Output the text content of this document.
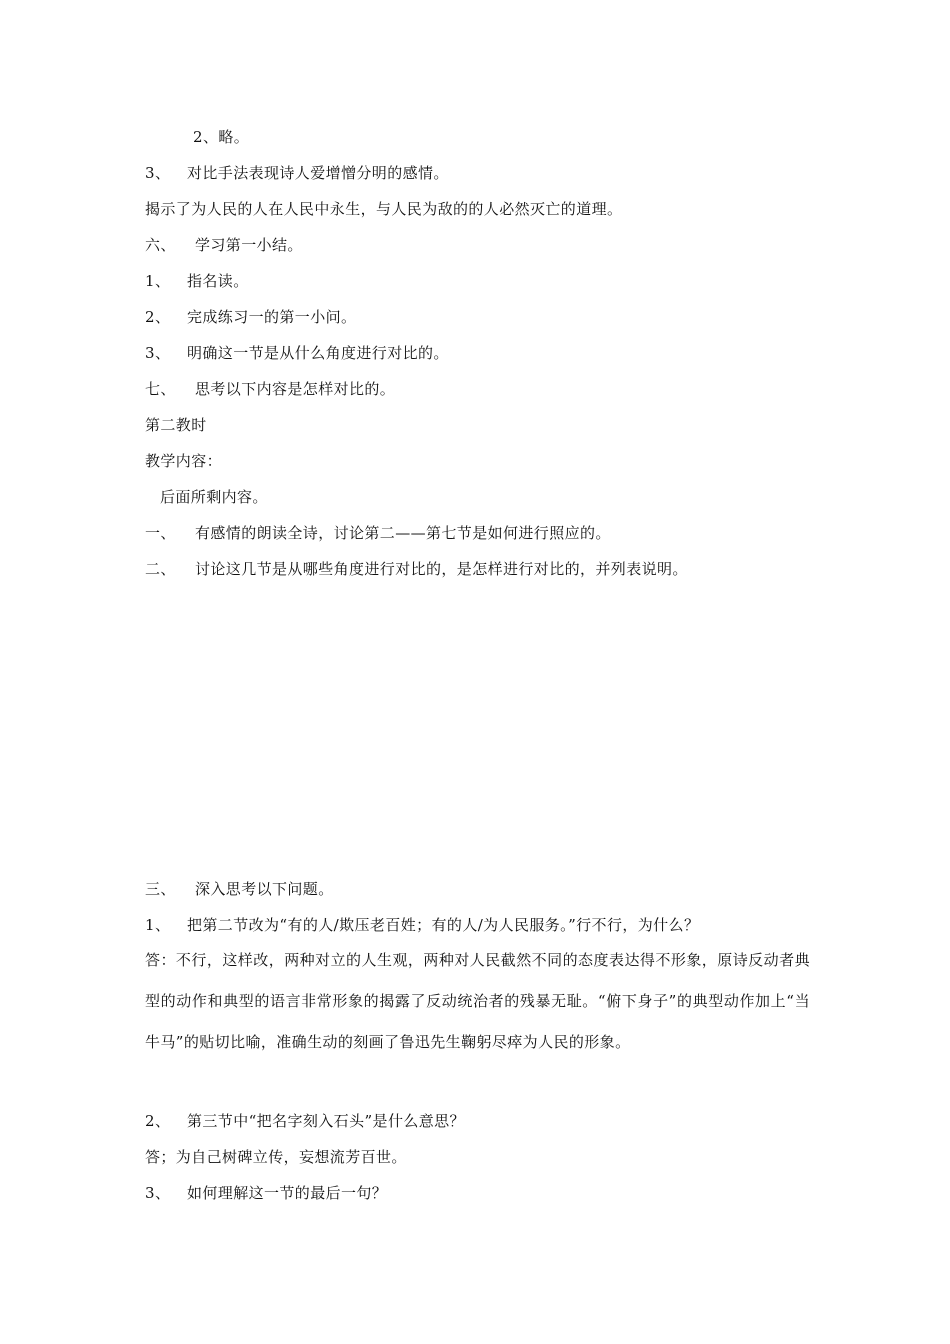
2、略。
3、 对比手法表现诗人爱增憎分明的感情。
揭示了为人民的人在人民中永生，与人民为敌的的人必然灭亡的道理。
六、 学习第一小结。
1、 指名读。
2、 完成练习一的第一小问。
3、 明确这一节是从什么角度进行对比的。
七、 思考以下内容是怎样对比的。
第二教时
教学内容：
后面所剩内容。
一、 有感情的朗读全诗，讨论第二——第七节是如何进行照应的。
二、 讨论这几节是从哪些角度进行对比的，是怎样进行对比的，并列表说明。
三、 深入思考以下问题。
1、 把第二节改为“有的人/欺压老百姓；有的人/为人民服务。”行不行，为什么？
答：不行，这样改，两种对立的人生观，两种对人民截然不同的态度表达得不形象，原诗反动者典型的动作和典型的语言非常形象的揭露了反动统治者的残暴无耻。“俯下身子”的典型动作加上“当牛马”的贴切比喻，准确生动的刻画了鲁迅先生鞠躬尽瘁为人民的形象。
2、 第三节中“把名字刻入石头”是什么意思？
答；为自己树碑立传，妄想流芳百世。
3、 如何理解这一节的最后一句？
